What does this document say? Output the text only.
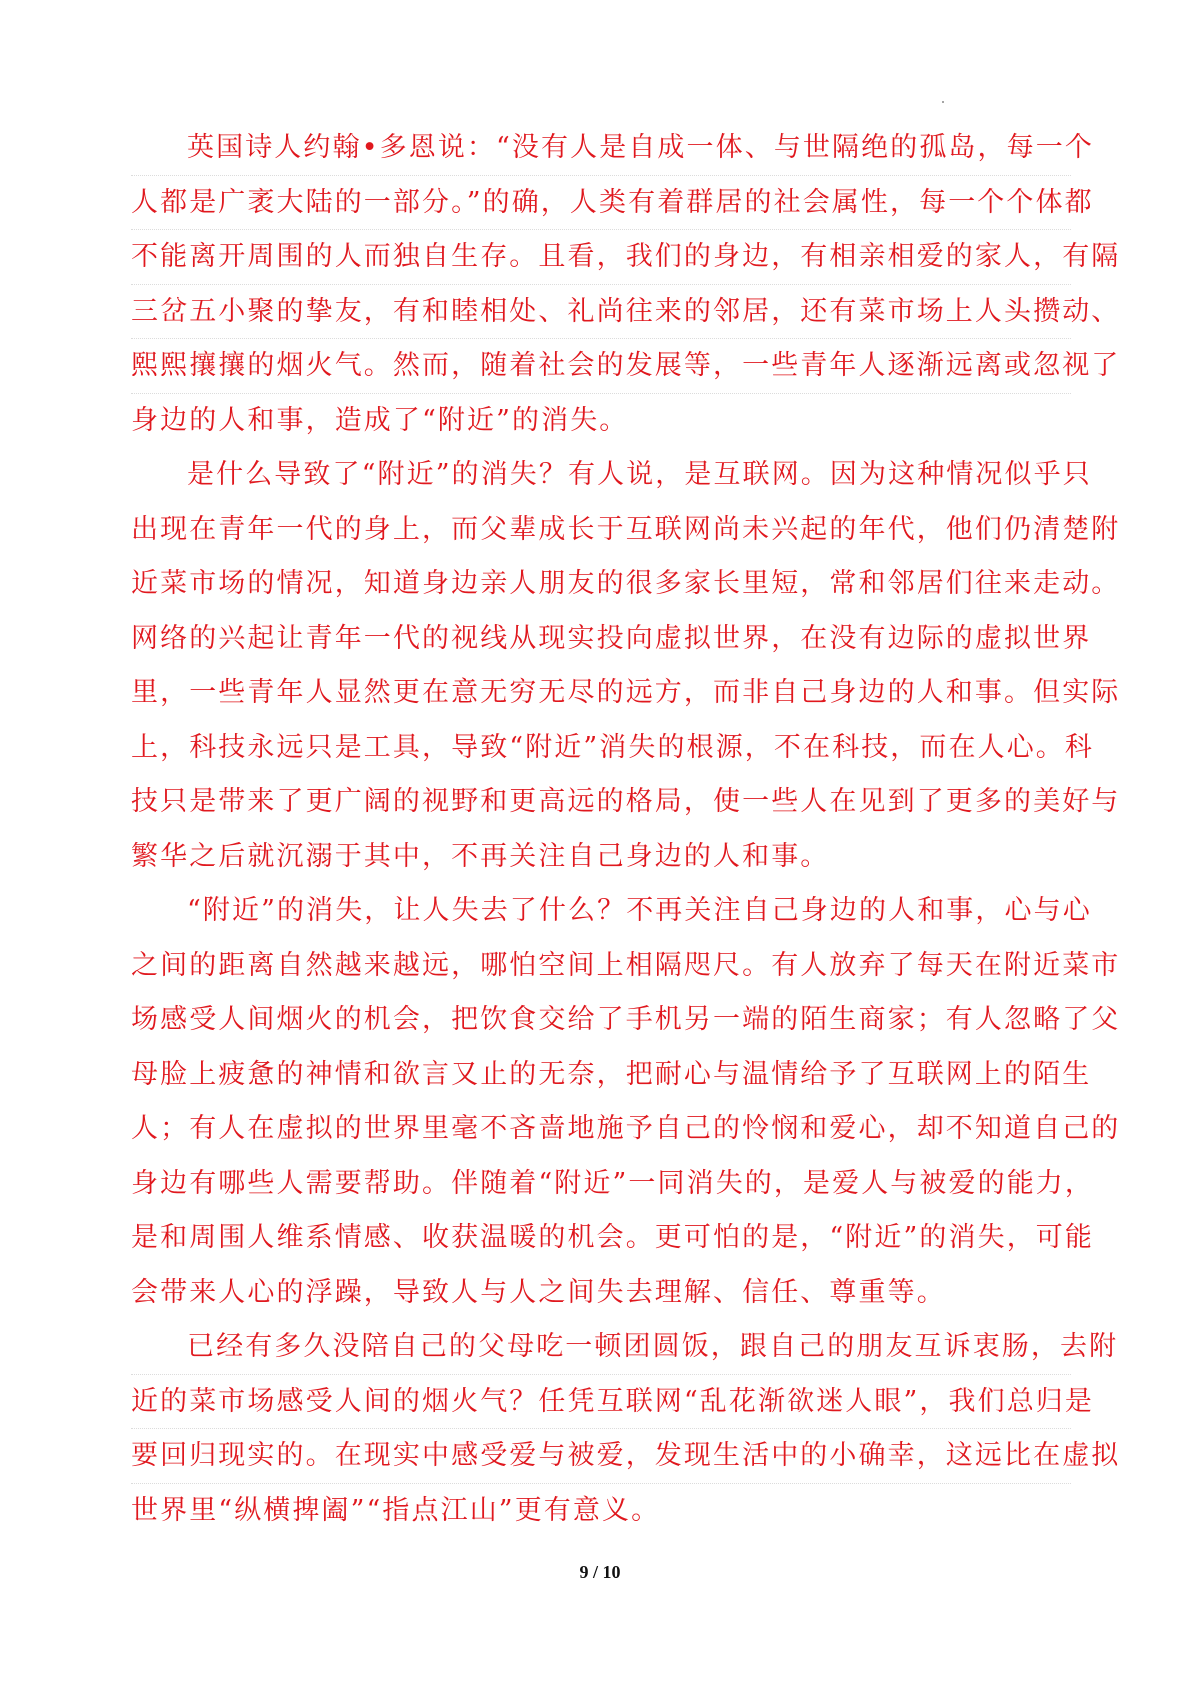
英国诗人约翰•多恩说：“没有人是自成一体、与世隔绝的孤岛，每一个
人都是广袤大陆的一部分。”的确，人类有着群居的社会属性，每一个个体都
不能离开周围的人而独自生存。且看，我们的身边，有相亲相爱的家人，有隔
三岔五小聚的挚友，有和睦相处、礼尚往来的邻居，还有菜市场上人头攒动、
熙熙攘攘的烟火气。然而，随着社会的发展等，一些青年人逐渐远离或忽视了
身边的人和事，造成了“附近”的消失。
是什么导致了“附近”的消失？有人说，是互联网。因为这种情况似乎只
出现在青年一代的身上，而父辈成长于互联网尚未兴起的年代，他们仍清楚附
近菜市场的情况，知道身边亲人朋友的很多家长里短，常和邻居们往来走动。
网络的兴起让青年一代的视线从现实投向虚拟世界，在没有边际的虚拟世界
里，一些青年人显然更在意无穷无尽的远方，而非自己身边的人和事。但实际
上，科技永远只是工具，导致“附近”消失的根源，不在科技，而在人心。科
技只是带来了更广阔的视野和更高远的格局，使一些人在见到了更多的美好与
繁华之后就沉溺于其中，不再关注自己身边的人和事。
“附近”的消失，让人失去了什么？不再关注自己身边的人和事，心与心
之间的距离自然越来越远，哪怕空间上相隔咫尺。有人放弃了每天在附近菜市
场感受人间烟火的机会，把饮食交给了手机另一端的陌生商家；有人忽略了父
母脸上疲惫的神情和欲言又止的无奈，把耐心与温情给予了互联网上的陌生
人；有人在虚拟的世界里毫不吝啬地施予自己的怜悯和爱心，却不知道自己的
身边有哪些人需要帮助。伴随着“附近”一同消失的，是爱人与被爱的能力，
是和周围人维系情感、收获温暖的机会。更可怕的是，“附近”的消失，可能
会带来人心的浮躁，导致人与人之间失去理解、信任、尊重等。
已经有多久没陪自己的父母吃一顿团圆饭，跟自己的朋友互诉衷肠，去附
近的菜市场感受人间的烟火气？任凭互联网“乱花渐欲迷人眼”，我们总归是
要回归现实的。在现实中感受爱与被爱，发现生活中的小确幸，这远比在虚拟
世界里“纵横捭阖”“指点江山”更有意义。
9 / 10
